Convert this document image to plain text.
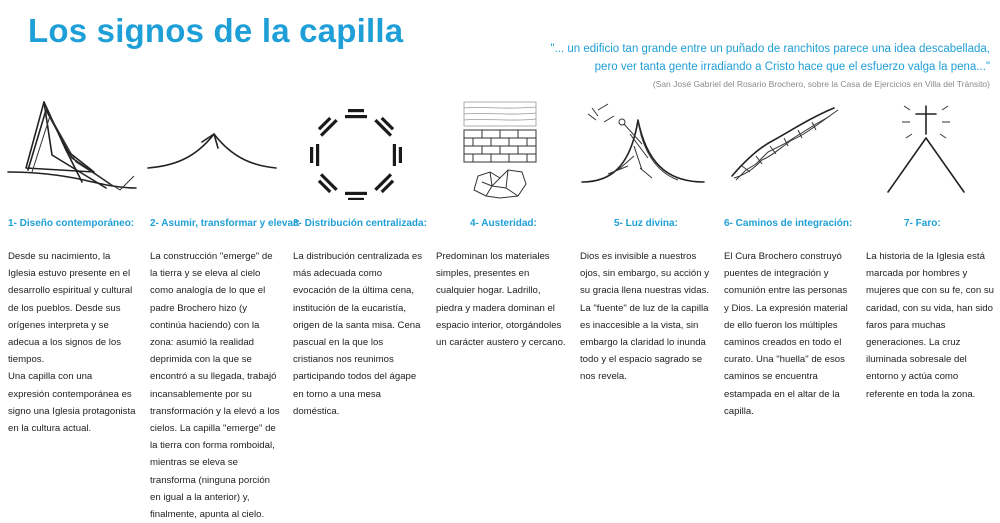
Los signos de la capilla	"... un edificio tan grande entre un puñado de ranchitos parece una idea descabellada,
pero ver tanta gente irradiando a Cristo hace que el esfuerzo valga la pena..."
(San José Gabriel del Rosario Brochero, sobre la Casa de Ejercicios en Villa del Tránsito)
1- Diseño contemporáneo: 2- Asumir, transformar y elevar:
3- Distribución centralizada:	4- Austeridad:	5- Luz divina:	6- Caminos de integración:	7- Faro:

Desde su nacimiento, la Iglesia estuvo presente en el desarrollo espiritual y cultural de los pueblos. Desde sus orígenes interpreta y se adecua a los signos de los tiempos.

Una capilla con una expresión contemporánea es signo una Iglesia protagonista en la cultura actual.

La construcción "emerge" de la tierra y se eleva al cielo como analogía de lo que el padre Brochero hizo (y continúa haciendo) con la zona: asumió la realidad deprimida con la que se encontró a su llegada, trabajó incansablemente por su transformación y la elevó a los cielos. La capilla "emerge" de la tierra con forma romboidal, mientras se eleva se transforma (ninguna porción en igual a la anterior) y, finalmente, apunta al cielo.

La distribución centralizada es más adecuada como evocación de la última cena, institución de la eucaristía, origen de la santa misa. Cena pascual en la que los cristianos nos reunimos participando todos del ágape en torno a una mesa doméstica.

Predominan los materiales simples, presentes en cualquier hogar. Ladrillo, piedra y madera dominan el espacio interior, otorgándoles un carácter austero y cercano.

Dios es invisible a nuestros ojos, sin embargo, su acción y su gracia llena nuestras vidas. La "fuente" de luz de la capilla es inaccesible a la vista, sin embargo la claridad lo inunda todo y el espacio sagrado se nos revela.

El Cura Brochero construyó puentes de integración y comunión entre las personas y Dios. La expresión material de ello fueron los múltiples caminos creados en todo el curato. Una "huella" de esos caminos se encuentra estampada en el altar de la capilla.

La historia de la Iglesia está marcada por hombres y mujeres que con su fe, con su caridad, con su vida, han sido faros para muchas generaciones. La cruz iluminada sobresale del entorno y actúa como referente en toda la zona.
